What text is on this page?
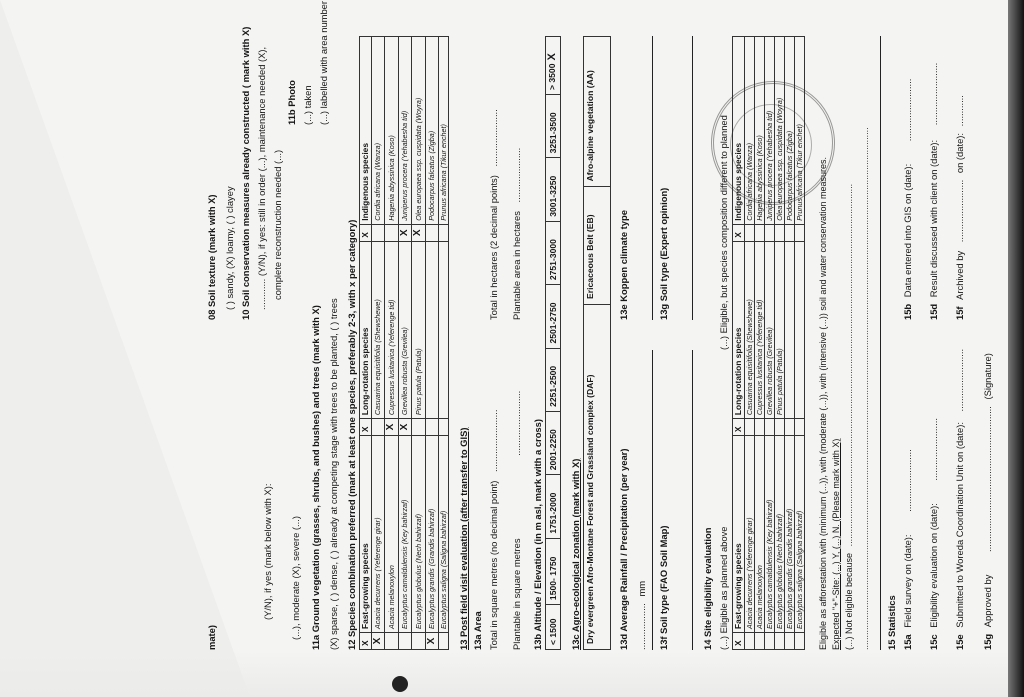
08 Soil texture (mark with X) ( ) sandy, (X) loamy, ( ) clayey
mate)
10 Soil conservation measures already constructed ( mark with X) ............ (Y/N), if yes: still in order (...), maintenance needed (X), complete reconstruction needed (...)
(Y/N), if yes (mark below with X): (...), moderate (X), severe (...) 11a Ground vegetation (grasses, shrubs, and bushes) and trees (mark with X) (X) sparse, ( ) dense, ( ) already at competing stage with trees to be planted, ( ) trees
11b Photo (...) taken (...) labelled with area number
12 Species combination preferred (mark at least one species, preferably 2-3, with x per category) X	Fast-growing species	X	Long-rotation species	X	Indigenous species
X	Acacia decurrens (Yeferenge girar)		Casuarina equisitifolia (Shewshewe)		Cordia africana (Wanza)
	Acacia melanoxylon	X	Cupressus lusitanica (Yeferenge tid)		Hagenia abyssinica (Koso)
	Eucalyptus camaldulensis (Key bahirzaf)	X	Grevillea robusta (Grevilea)	X	Juniperus procera (Yehabesha tid)
	Eucalyptus globulus (Nech bahirzaf)		Pinus patula (Patula)	X	Olea europaea ssp. cuspidata (Woyra)
X	Eucalyptus grandis (Grandis bahirzaf)				Podocarpus falcatus (Zigba)
	Eucalyptus saligna (Saligna bahirzaf)				Prunus africana (Tikur enchet)
13 Post field visit evaluation (after transfer to GIS) 13a Area Total in square metres (no decimal point) ........................
Total in hectares (2 decimal points) ......................
Plantable in square metres .........................
Plantable area in hectares .....................
13b Altitude / Elevation (in m asl, mark with a cross) < 1500	1500- 1750	1751-2000	2001-2250	2251-2500	2501-2750	2751-3000	3001-3250	3251-3500	> 3500X
13c Agro-ecological zonation (mark with X) Dry evergreen Afro-Montane Forest and Grassland complex (DAF)	Ericaceous Belt (EB)	Afro-alpine vegetation (AA)
13d Average Rainfall / Precipitation (per year) .................. mm
13e Koppen climate type
13f Soil type (FAO Soil Map)
13g Soil type (Expert opinion)
14 Site eligibility evaluation (...) Eligible as planned above
(...) Eligible, but species composition different to planned
X	Fast-growing species	X	Long-rotation species	X	Indigenous species
	Acacia decurrens (Yeferenge girar)		Casuarina equisitifolia (Shewshewe)		Cordia africana (Wanza)
	Acacia melanoxylon		Cupressus lusitanica (Yeferenge tid)		Hagenia abyssinica (Koso)
	Eucalyptus camaldulensis (Key bahirzaf)		Grevillea robusta (Grevilea)		Juniperus procera (Yehabesha tid)
	Eucalyptus globulus (Nech bahirzaf)		Pinus patula (Patula)		Olea europaea ssp. cuspidata (Woyra)
	Eucalyptus grandis (Grandis bahirzaf)				Podocarpus falcatus (Zigba)
	Eucalyptus saligna (Saligna bahirzaf)				Prunus africana (Tikur enchet) Eligible as afforestation with (minimum (...)), with (moderate (...)), with (intensive (...)) soil and water conservation measures. Expected "+"-Site: (...) Y, (...) N. (Please mark with X) (...) Not eligible because ................................................................................................................................................. ................................................................................................................................................................................................................. 15 Statistics 15a Field survey on (date): ........................
15b Data entered into GIS on (date): ........................
15c Eligibility evaluation on (date): ........................
15d Result discussed with client on (date): ........................
15e Submitted to Woreda Coordination Unit on (date): ........................
15f Archived by ........................ on (date): ............
15g Approved by ........................................................ (Signature)
